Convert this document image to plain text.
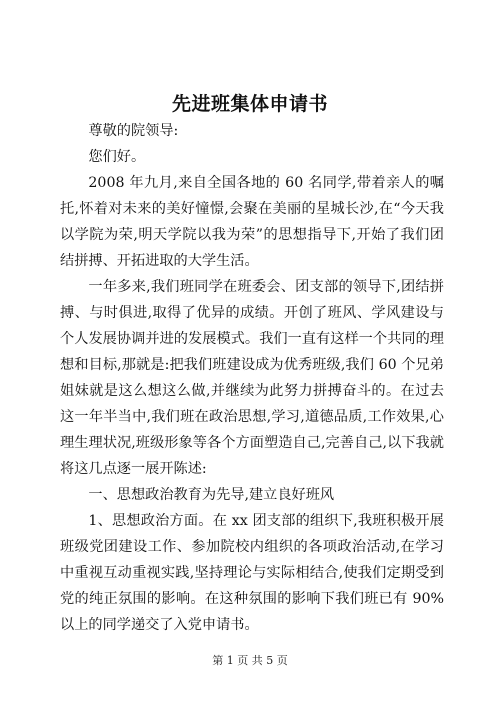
先进班集体申请书

尊敬的院领导:

您们好。

2008 年九月,来自全国各地的 60 名同学,带着亲人的嘱托,怀着对未来的美好憧憬,会聚在美丽的星城长沙,在“今天我以学院为荣,明天学院以我为荣”的思想指导下,开始了我们团结拼搏、开拓进取的大学生活。

一年多来,我们班同学在班委会、团支部的领导下,团结拼搏、与时俱进,取得了优异的成绩。开创了班风、学风建设与个人发展协调并进的发展模式。我们一直有这样一个共同的理想和目标,那就是:把我们班建设成为优秀班级,我们 60 个兄弟姐妹就是这么想这么做,并继续为此努力拼搏奋斗的。在过去这一年半当中,我们班在政治思想,学习,道德品质,工作效果,心理生理状况,班级形象等各个方面塑造自己,完善自己,以下我就将这几点逐一展开陈述:

一、思想政治教育为先导,建立良好班风

1、思想政治方面。在 xx 团支部的组织下,我班积极开展班级党团建设工作、参加院校内组织的各项政治活动,在学习中重视互动重视实践,坚持理论与实际相结合,使我们定期受到党的纯正氛围的影响。在这种氛围的影响下我们班已有 90%以上的同学递交了入党申请书。

第 1 页 共 5 页
